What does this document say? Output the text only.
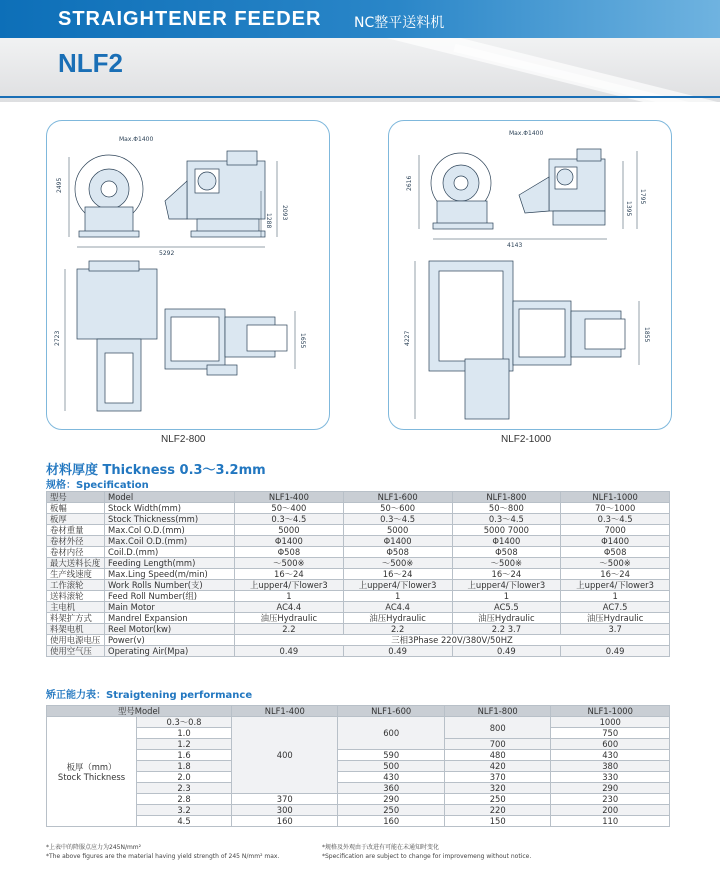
STRAIGHTENER FEEDER NC整平送料机
NLF2
Max.Φ1400
2495
2093
1288
5292
2723	1655
NLF2-800
Max.Φ1400
2616
1395
1795
4143
4227	1855
NLF2-1000
材料厚度 Thickness 0.3～3.2mm
规格：Specification
型号	Model	NLF1-400	NLF1-600	NLF1-800	NLF1-1000
板幅	Stock Width(mm)	50～400	50～600	50～800	70～1000
板厚	Stock Thickness(mm)	0.3～4.5	0.3～4.5	0.3～4.5	0.3～4.5
卷材重量	Max.Col O.D.(mm)	5000	5000	5000 7000	7000
卷材外径	Max.Coil O.D.(mm)	Φ1400	Φ1400	Φ1400	Φ1400
卷材内径	Coil.D.(mm)	Φ508	Φ508	Φ508	Φ508
最大送料长度	Feeding Length(mm)	～500※	～500※	～500※	～500※
生产线速度	Max.Ling Speed(m/min)	16～24	16～24	16～24	16～24
工作滚轮	Work Rolls Number(支)	上upper4/下lower3	上upper4/下lower3	上upper4/下lower3	上upper4/下lower3
送料滚轮	Feed Roll Number(组)	1	1	1	1
主电机	Main Motor	AC4.4	AC4.4	AC5.5	AC7.5
料架扩方式	Mandrel Expansion	油压Hydraulic	油压Hydraulic	油压Hydraulic	油压Hydraulic
料架电机	Reel Motor(kw)	2.2	2.2	2.2 3.7	3.7
使用电源电压	Power(v)	三相3Phase 220V/380V/50HZ			
使用空气压	Operating Air(Mpa)	0.49	0.49	0.49	0.49
矫正能力表：Straigtening performance
型号Model		NLF1-400	NLF1-600	NLF1-800	NLF1-1000

板厚（mm）
Stock Thickness	0.3～0.8	400	600	800	1000
	1.0				750
	1.2			700	600
	1.6		590	480	430
	1.8		500	420	380
	2.0		430	370	330
	2.3		360	320	290
	2.8	370	290	250	230
	3.2	300	250	220	200
	4.5	160	160	150	110
*上表中的降服点应力为245N/mm²
*The above figures are the material having yield strength of 245 N/mm² max.
*规格及外观由于改进有可能在未通知时变化
*Specification are subject to change for improvemeng without notice.
